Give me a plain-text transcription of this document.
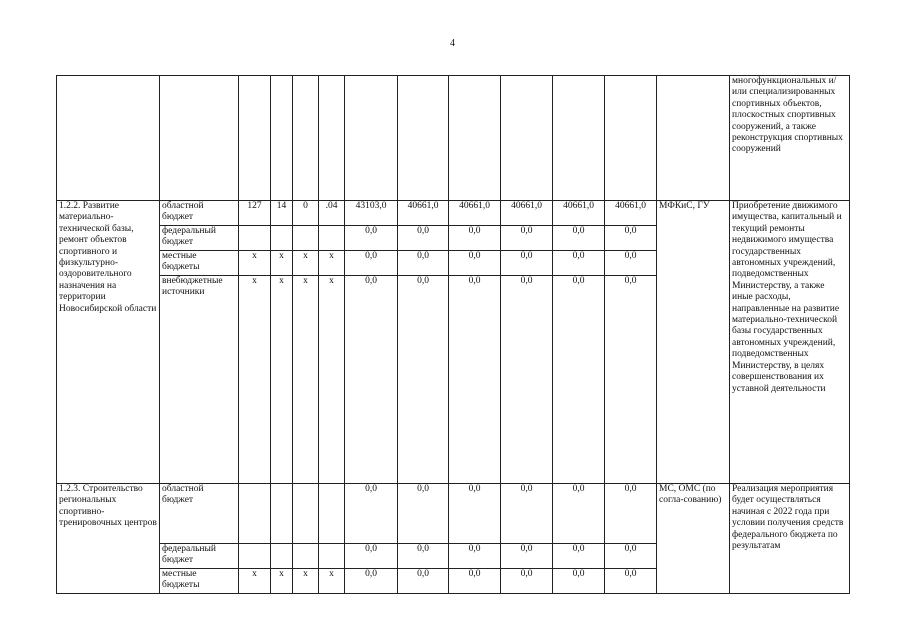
4
													многофункциональных и/или специализированных спортивных объектов, плоскостных спортивных сооружений, а также реконструкция спортивных сооружений
1.2.2. Развитие материально-технической базы, ремонт объектов спортивного и физкультурно-оздоровительного назначения на территории Новосибирской области	областной бюджет	127	14	0	.04	43103,0	40661,0	40661,0	40661,0	40661,0	40661,0	МФКиС, ГУ	Приобретение движимого имущества, капитальный и текущий ремонты недвижимого имущества государственных автономных учреждений, подведомственных Министерству, а также иные расходы, направленные на развитие материально-технической базы государственных автономных учреждений, подведомственных Министерству, в целях совершенствования их уставной деятельности
	федеральный бюджет					0,0	0,0	0,0	0,0	0,0	0,0		
	местные бюджеты	х	х	х	х	0,0	0,0	0,0	0,0	0,0	0,0		
	внебюджетные источники	х	х	х	х	0,0	0,0	0,0	0,0	0,0	0,0		
1.2.3. Строительство региональных спортивно-тренировочных центров	областной бюджет					0,0	0,0	0,0	0,0	0,0	0,0	МС, ОМС (по согла-сованию)	Реализация мероприятия будет осуществляться начиная с 2022 года при условии получения средств федерального бюджета по результатам
	федеральный бюджет					0,0	0,0	0,0	0,0	0,0	0,0		
	местные бюджеты	х	х	х	х	0,0	0,0	0,0	0,0	0,0	0,0		
